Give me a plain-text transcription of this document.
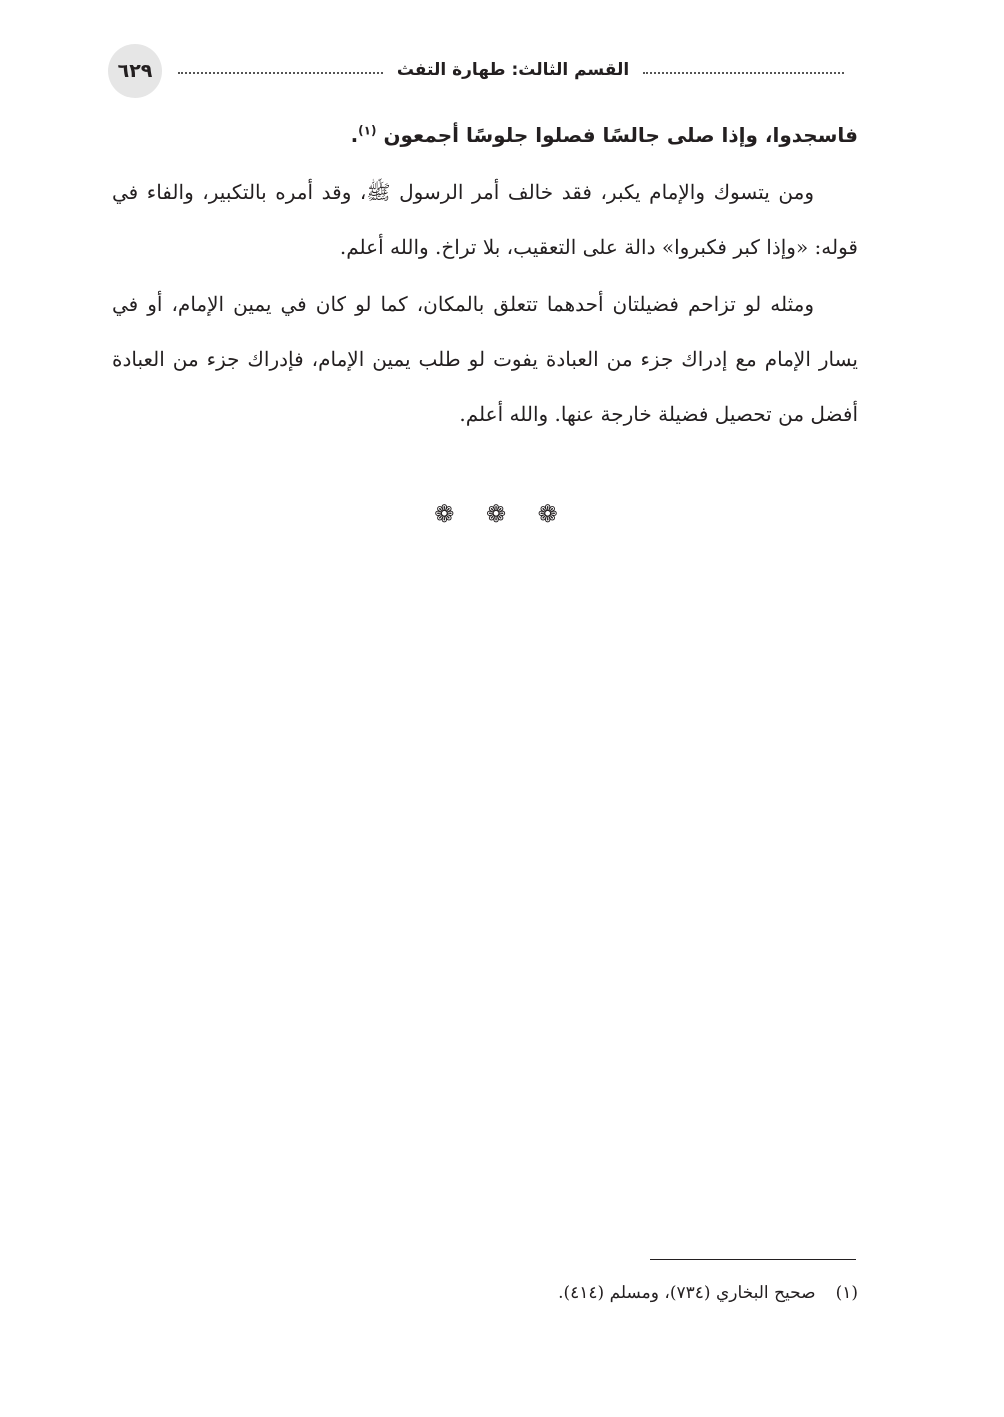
٦٢٩	القسم الثالث: طهارة التفث

فاسجدوا، وإذا صلى جالسًا فصلوا جلوسًا أجمعون $^{(١)}$.

ومن يتسوك والإمام يكبر، فقد خالف أمر الرسول ﷺ، وقد أمره بالتكبير، والفاء في قوله: «وإذا كبر فكبروا» دالة على التعقيب، بلا تراخ. والله أعلم.

ومثله لو تزاحم فضيلتان أحدهما تتعلق بالمكان، كما لو كان في يمين الإمام، أو في يسار الإمام مع إدراك جزء من العبادة يفوت لو طلب يمين الإمام، فإدراك جزء من العبادة أفضل من تحصيل فضيلة خارجة عنها. والله أعلم.

❁ ❁ ❁
(١)صحيح البخاري (٧٣٤)، ومسلم (٤١٤).
